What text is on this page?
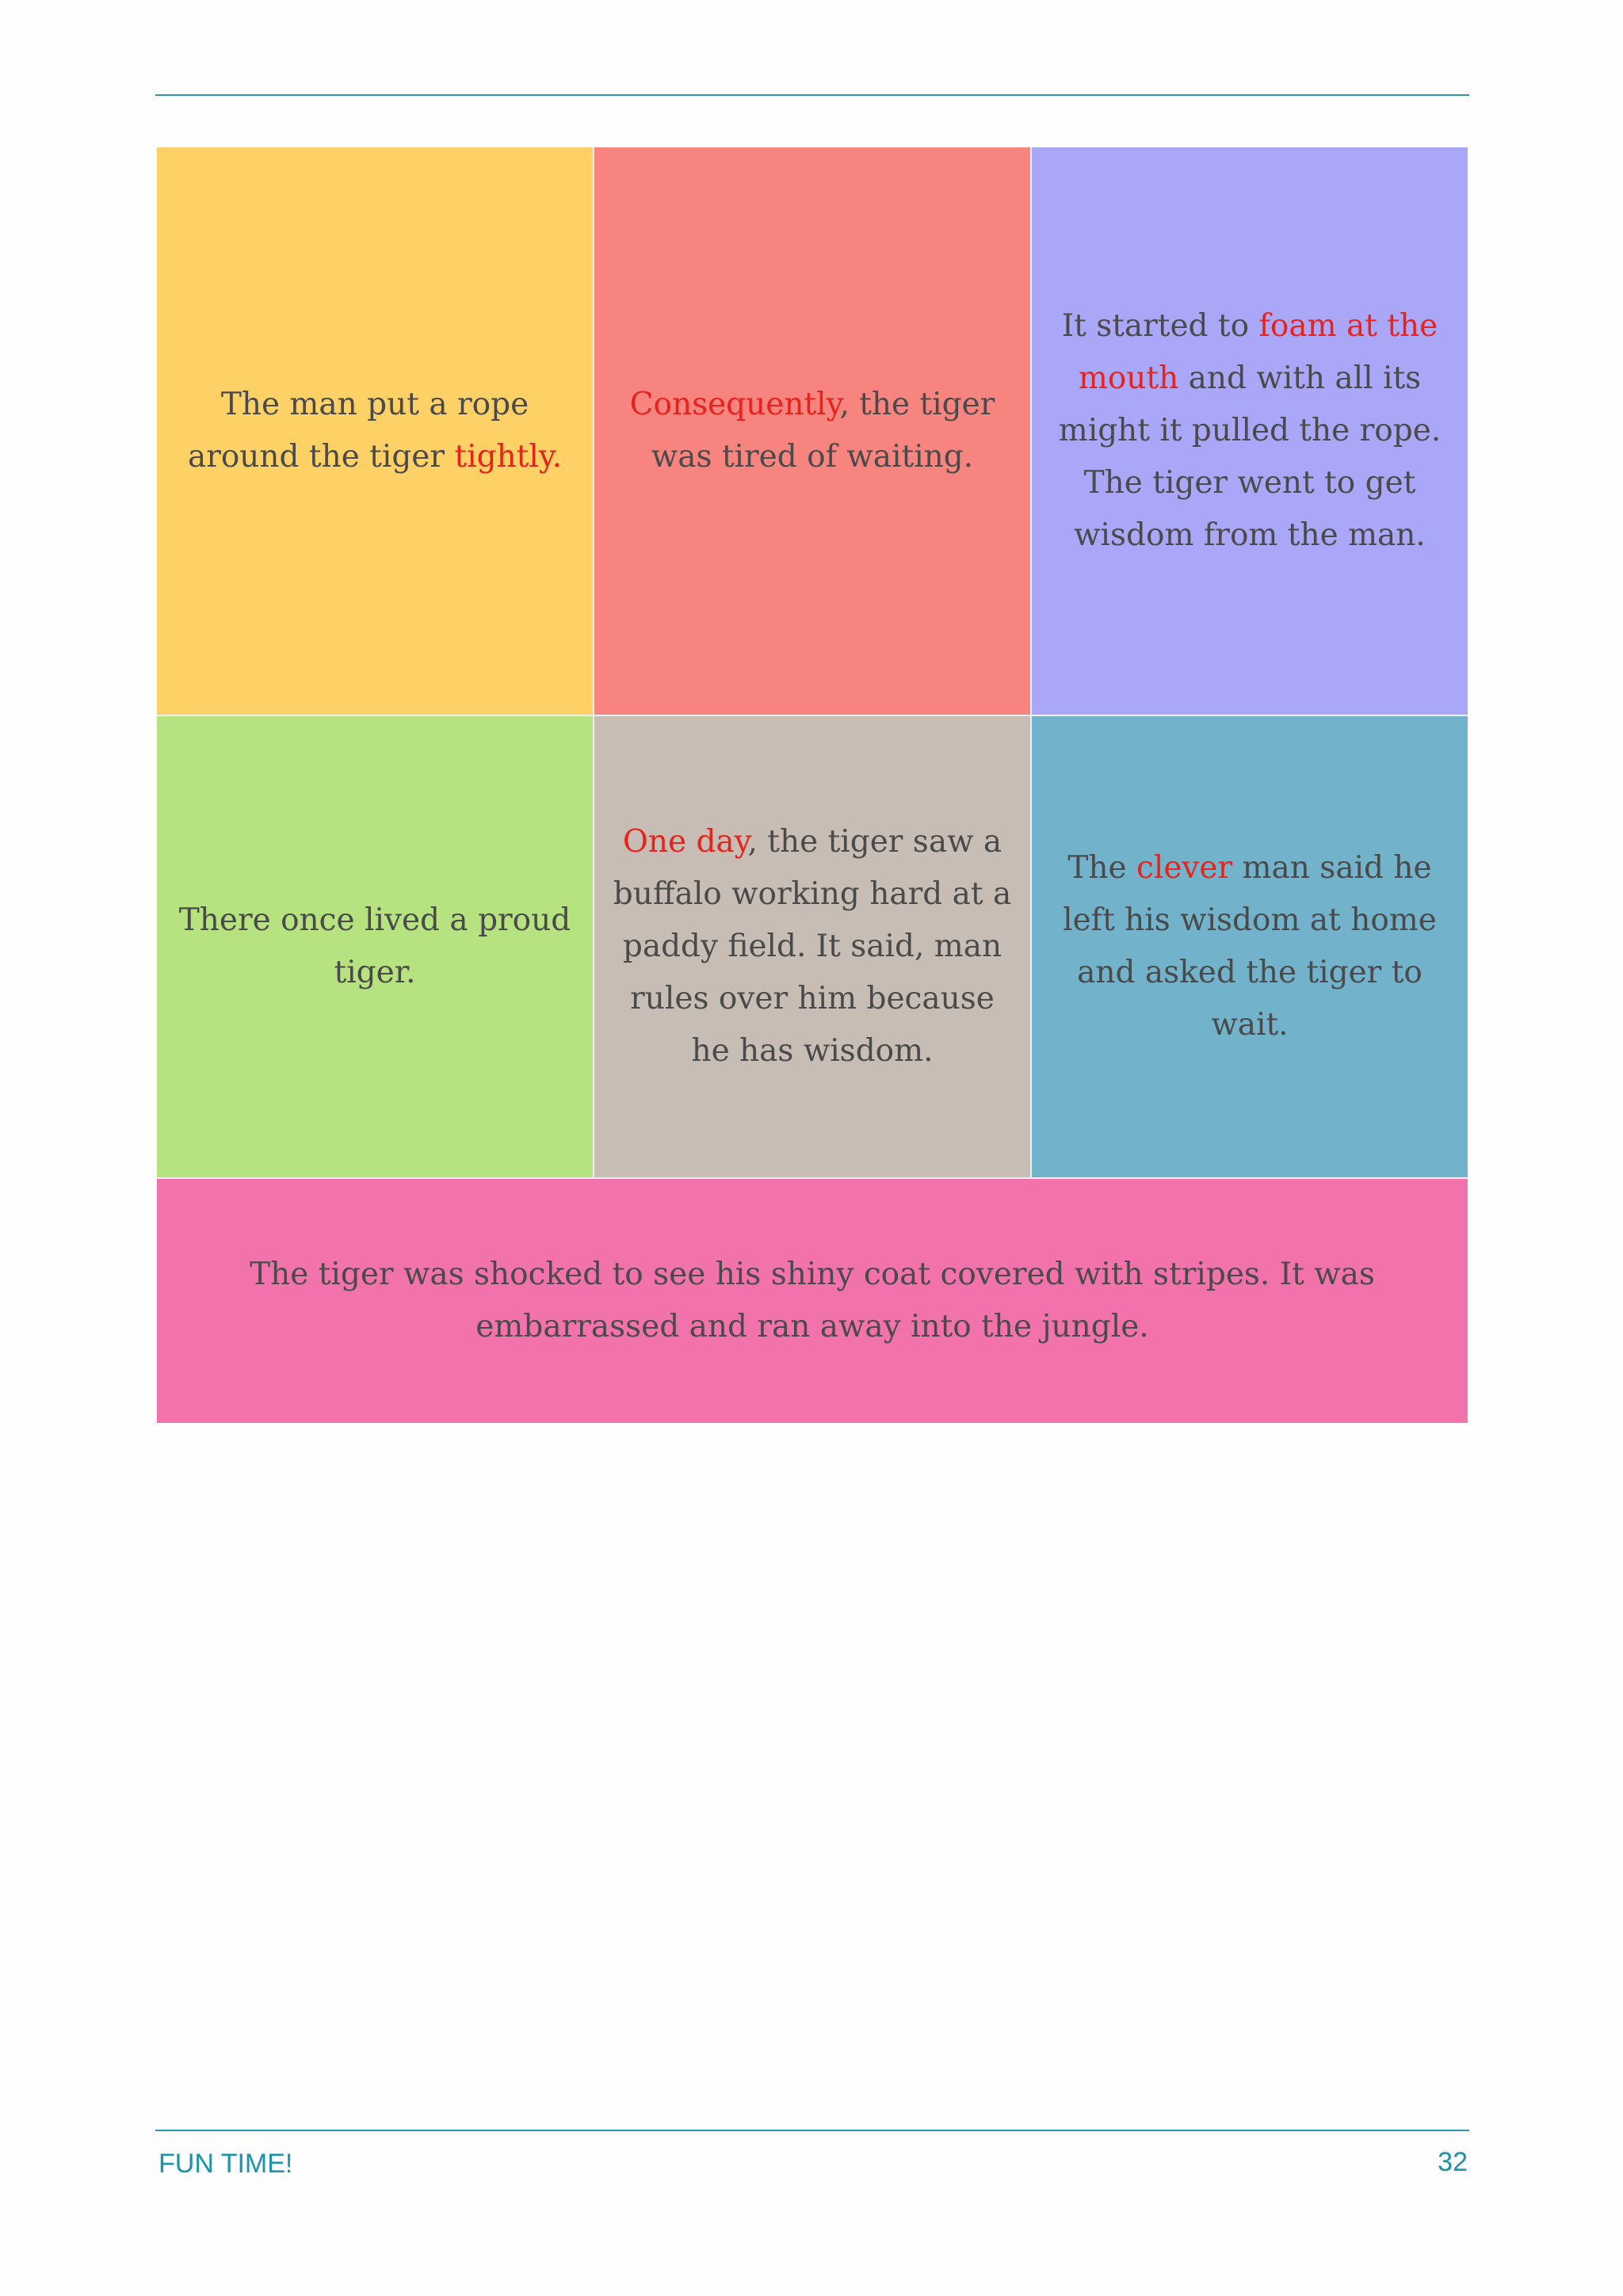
The man put a rope around the tiger tightly.

Consequently, the tiger was tired of waiting.

It started to foam at the mouth and with all its might it pulled the rope. The tiger went to get wisdom from the man.

There once lived a proud tiger.

One day, the tiger saw a buffalo working hard at a paddy field. It said, man rules over him because he has wisdom.

The clever man said he left his wisdom at home and asked the tiger to wait.

The tiger was shocked to see his shiny coat covered with stripes. It was embarrassed and ran away into the jungle.

FUN TIME!	32
